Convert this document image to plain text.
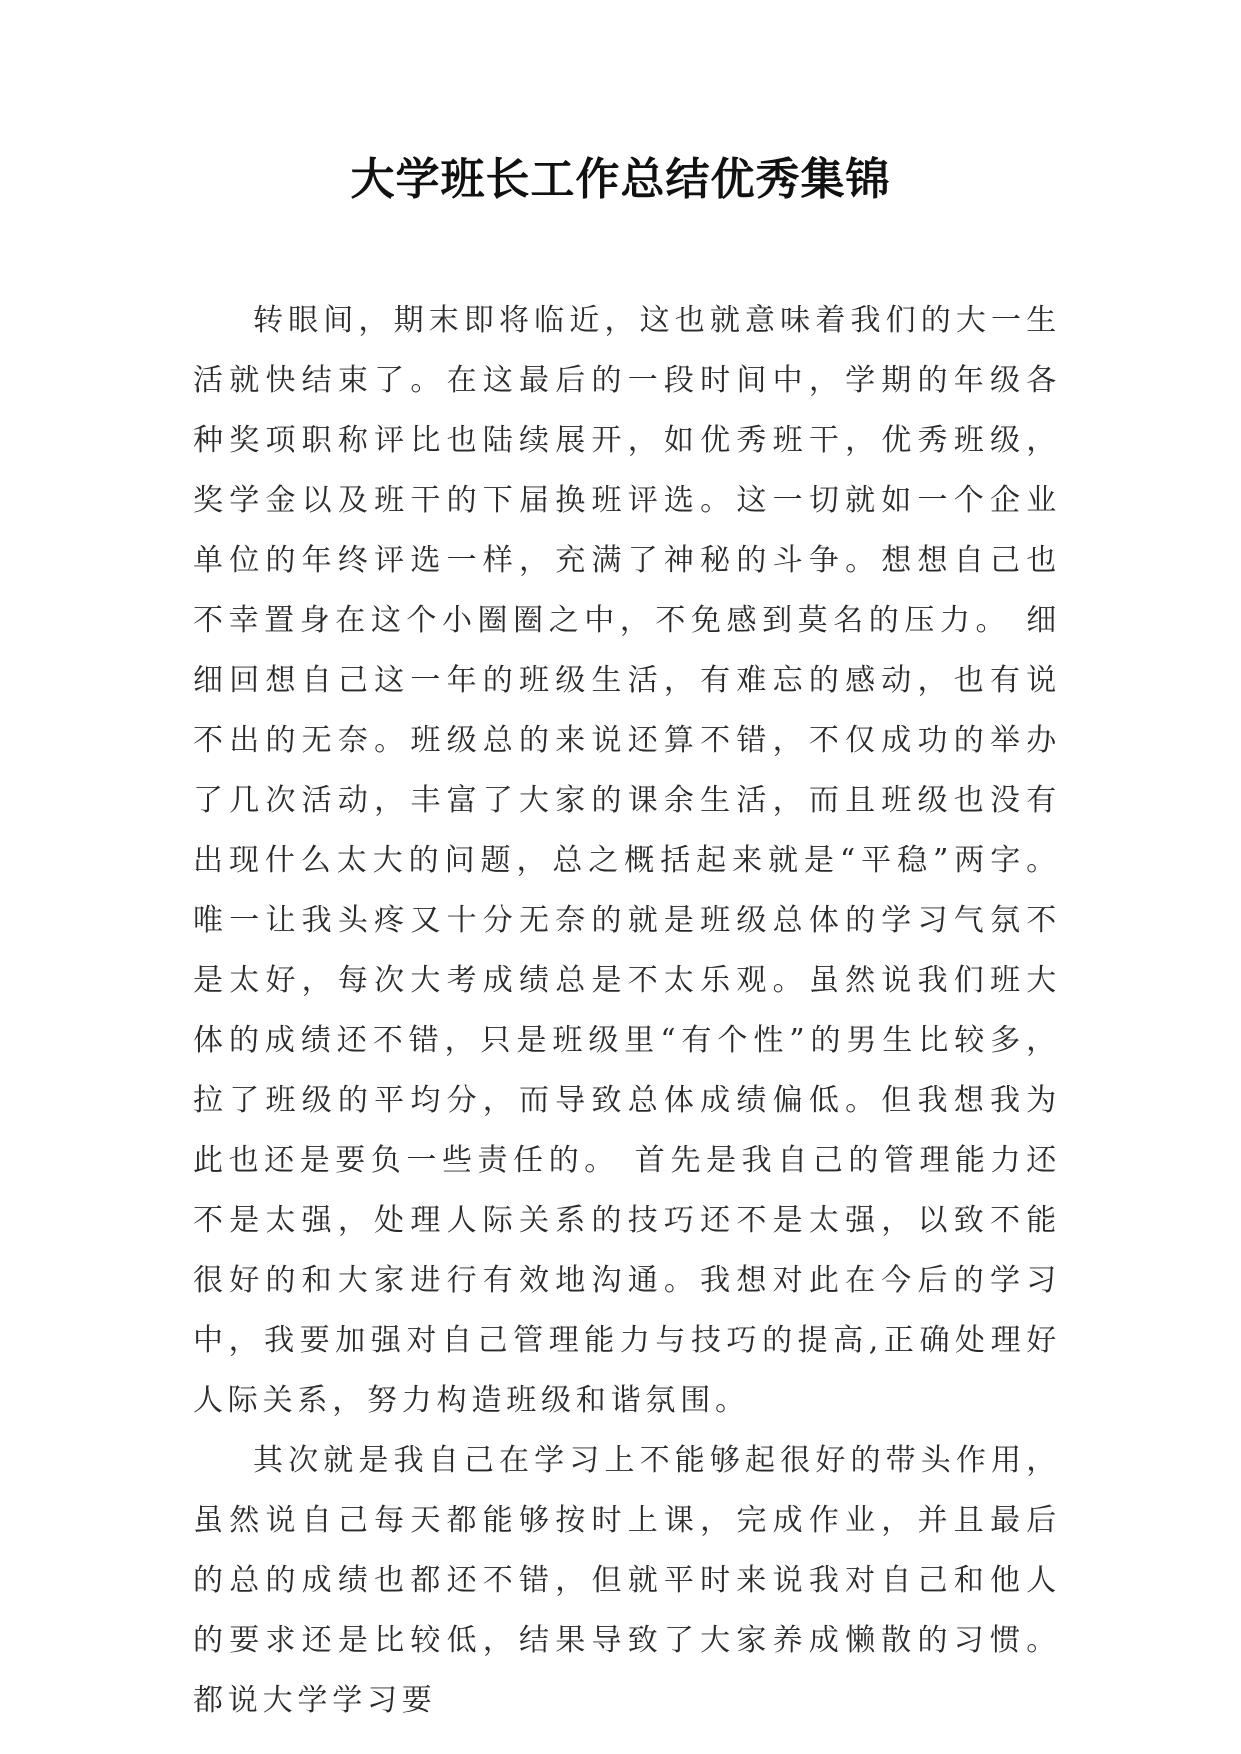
大学班长工作总结优秀集锦

转眼间，期末即将临近，这也就意味着我们的大一生活就快结束了。在这最后的一段时间中，学期的年级各种奖项职称评比也陆续展开，如优秀班干，优秀班级，奖学金以及班干的下届换班评选。这一切就如一个企业单位的年终评选一样，充满了神秘的斗争。想想自己也不幸置身在这个小圈圈之中，不免感到莫名的压力。 细细回想自己这一年的班级生活，有难忘的感动，也有说不出的无奈。班级总的来说还算不错，不仅成功的举办了几次活动，丰富了大家的课余生活，而且班级也没有出现什么太大的问题，总之概括起来就是“平稳”两字。唯一让我头疼又十分无奈的就是班级总体的学习气氛不是太好，每次大考成绩总是不太乐观。虽然说我们班大体的成绩还不错，只是班级里“有个性”的男生比较多，拉了班级的平均分，而导致总体成绩偏低。但我想我为此也还是要负一些责任的。 首先是我自己的管理能力还不是太强，处理人际关系的技巧还不是太强，以致不能很好的和大家进行有效地沟通。我想对此在今后的学习中，我要加强对自己管理能力与技巧的提高,正确处理好人际关系，努力构造班级和谐氛围。

其次就是我自己在学习上不能够起很好的带头作用，虽然说自己每天都能够按时上课，完成作业，并且最后的总的成绩也都还不错，但就平时来说我对自己和他人的要求还是比较低，结果导致了大家养成懒散的习惯。都说大学学习要
